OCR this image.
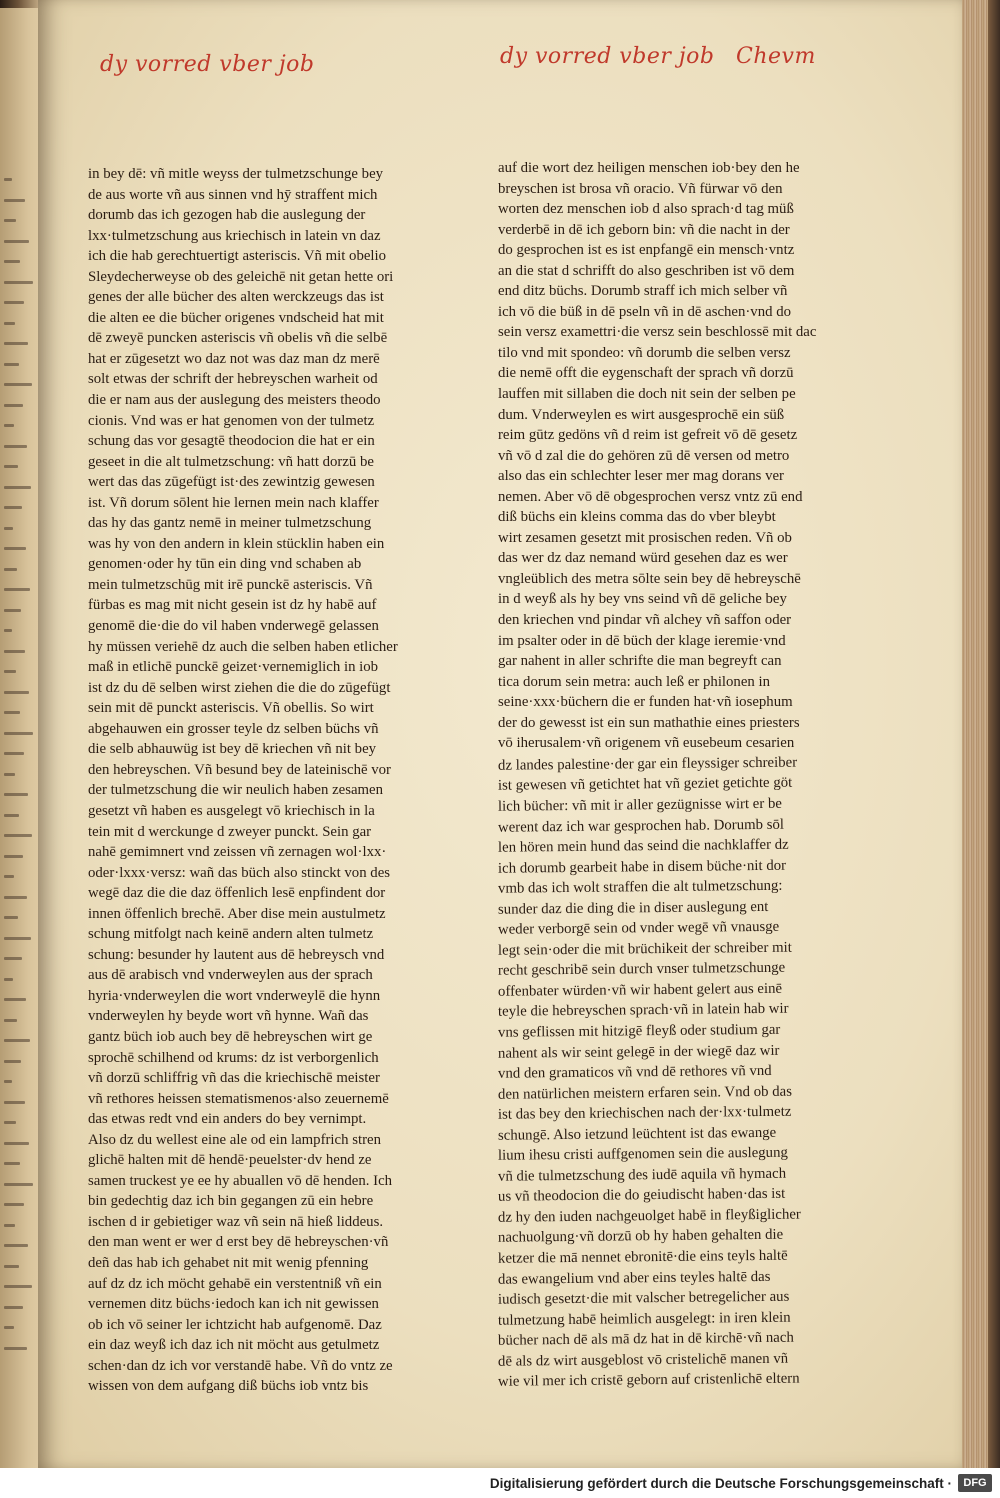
dy vorred vber job	dy vorred vber job Chevm
in bey dē: vñ mitle weyss der tulmetzschunge bey
de aus worte vñ aus sinnen vnd hȳ straffent mich
dorumb das ich gezogen hab die auslegung der
lxx·tulmetzschung aus kriechisch in latein vn daz
ich die hab gerechtuertigt asteriscis. Vñ mit obelio
Sleydecherweyse ob des geleichē nit getan hette ori
genes der alle bücher des alten werckzeugs das ist
die alten ee die bücher origenes vndscheid hat mit
dē zweyē puncken asteriscis vñ obelis vñ die selbē
hat er zūgesetzt wo daz not was daz man dz merē
solt etwas der schrift der hebreyschen warheit od
die er nam aus der auslegung des meisters theodo
cionis. Vnd was er hat genomen von der tulmetz
schung das vor gesagtē theodocion die hat er ein
geseet in die alt tulmetzschung: vñ hatt dorzū be
wert das das zūgefügt ist·des zewintzig gewesen
ist. Vñ dorum sōlent hie lernen mein nach klaffer
das hy das gantz nemē in meiner tulmetzschung
was hy von den andern in klein stücklin haben ein
genomen·oder hy tūn ein ding vnd schaben ab
mein tulmetzschūg mit irē punckē asteriscis. Vñ
fürbas es mag mit nicht gesein ist dz hy habē auf
genomē die·die do vil haben vnderwegē gelassen
hy müssen veriehē dz auch die selben haben etlicher
maß in etlichē punckē geizet·vernemiglich in iob
ist dz du dē selben wirst ziehen die die do zūgefügt
sein mit dē punckt asteriscis. Vñ obellis. So wirt
abgehauwen ein grosser teyle dz selben büchs vñ
die selb abhauwüg ist bey dē kriechen vñ nit bey
den hebreyschen. Vñ besund bey de lateinischē vor
der tulmetzschung die wir neulich haben zesamen
gesetzt vñ haben es ausgelegt vō kriechisch in la
tein mit d werckunge d zweyer punckt. Sein gar
nahē gemimnert vnd zeissen vñ zernagen wol·lxx·
oder·lxxx·versz: wañ das büch also stinckt von des
wegē daz die die daz öffenlich lesē enpfindent dor
innen öffenlich brechē. Aber dise mein austulmetz
schung mitfolgt nach keinē andern alten tulmetz
schung: besunder hy lautent aus dē hebreysch vnd
aus dē arabisch vnd vnderweylen aus der sprach
hyria·vnderweylen die wort vnderweylē die hynn
vnderweylen hy beyde wort vñ hynne. Wañ das
gantz büch iob auch bey dē hebreyschen wirt ge
sprochē schilhend od krums: dz ist verborgenlich
vñ dorzū schliffrig vñ das die kriechischē meister
vñ rethores heissen stematismenos·also zeuernemē
das etwas redt vnd ein anders do bey vernimpt.
Also dz du wellest eine ale od ein lampfrich stren
glichē halten mit dē hendē·peuelster·dv hend ze
samen truckest ye ee hy abuallen vō dē henden. Ich
bin gedechtig daz ich bin gegangen zū ein hebre
ischen d ir gebietiger waz vñ sein nā hieß liddeus.
den man went er wer d erst bey dē hebreyschen·vñ
deñ das hab ich gehabet nit mit wenig pfenning
auf dz dz ich möcht gehabē ein verstentniß vñ ein
vernemen ditz büchs·iedoch kan ich nit gewissen
ob ich vō seiner ler ichtzicht hab aufgenomē. Daz
ein daz weyß ich daz ich nit möcht aus getulmetz
schen·dan dz ich vor verstandē habe. Vñ do vntz ze
wissen von dem aufgang diß büchs iob vntz bis
auf die wort dez heiligen menschen iob·bey den he
breyschen ist brosa vñ oracio. Vñ fürwar vō den
worten dez menschen iob d also sprach·d tag müß
verderbē in dē ich geborn bin: vñ die nacht in der
do gesprochen ist es ist enpfangē ein mensch·vntz
an die stat d schrifft do also geschriben ist vō dem
end ditz büchs. Dorumb straff ich mich selber vñ
ich vō die büß in dē pseln vñ in dē aschen·vnd do
sein versz examettri·die versz sein beschlossē mit dac
tilo vnd mit spondeo: vñ dorumb die selben versz
die nemē offt die eygenschaft der sprach vñ dorzū
lauffen mit sillaben die doch nit sein der selben pe
dum. Vnderweylen es wirt ausgesprochē ein süß
reim gūtz gedöns vñ d reim ist gefreit vō dē gesetz
vñ vō d zal die do gehören zū dē versen od metro
also das ein schlechter leser mer mag dorans ver
nemen. Aber vō dē obgesprochen versz vntz zū end
diß büchs ein kleins comma das do vber bleybt
wirt zesamen gesetzt mit prosischen reden. Vñ ob
das wer dz daz nemand würd gesehen daz es wer
vngleüblich des metra sōlte sein bey dē hebreyschē
in d weyß als hy bey vns seind vñ dē geliche bey
den kriechen vnd pindar vñ alchey vñ saffon oder
im psalter oder in dē büch der klage ieremie·vnd
gar nahent in aller schrifte die man begreyft can
tica dorum sein metra: auch leß er philonen in
seine·xxx·büchern die er funden hat·vñ iosephum
der do gewesst ist ein sun mathathie eines priesters
vō iherusalem·vñ origenem vñ eusebeum cesarien
dz landes palestine·der gar ein fleyssiger schreiber
ist gewesen vñ getichtet hat vñ geziet getichte göt
lich bücher: vñ mit ir aller gezügnisse wirt er be
werent daz ich war gesprochen hab. Dorumb sōl
len hören mein hund das seind die nachklaffer dz
ich dorumb gearbeit habe in disem büche·nit dor
vmb das ich wolt straffen die alt tulmetzschung:
sunder daz die ding die in diser auslegung ent
weder verborgē sein od vnder wegē vñ vnausge
legt sein·oder die mit brüchikeit der schreiber mit
recht geschribē sein durch vnser tulmetzschunge
offenbater würden·vñ wir habent gelert aus einē
teyle die hebreyschen sprach·vñ in latein hab wir
vns geflissen mit hitzigē fleyß oder studium gar
nahent als wir seint gelegē in der wiegē daz wir
vnd den gramaticos vñ vnd dē rethores vñ vnd
den natürlichen meistern erfaren sein. Vnd ob das
ist das bey den kriechischen nach der·lxx·tulmetz
schungē. Also ietzund leüchtent ist das ewange
lium ihesu cristi auffgenomen sein die auslegung
vñ die tulmetzschung des iudē aquila vñ hymach
us vñ theodocion die do geiudischt haben·das ist
dz hy den iuden nachgeuolget habē in fleyßiglicher
nachuolgung·vñ dorzū ob hy haben gehalten die
ketzer die mā nennet ebronitē·die eins teyls haltē
das ewangelium vnd aber eins teyles haltē das
iudisch gesetzt·die mit valscher betregelicher aus
tulmetzung habē heimlich ausgelegt: in iren klein
bücher nach dē als mā dz hat in dē kirchē·vñ nach
dē als dz wirt ausgeblost vō cristelichē manen vñ
wie vil mer ich cristē geborn auf cristenlichē eltern
Digitalisierung gefördert durch die Deutsche Forschungsgemeinschaft ·	DFG
